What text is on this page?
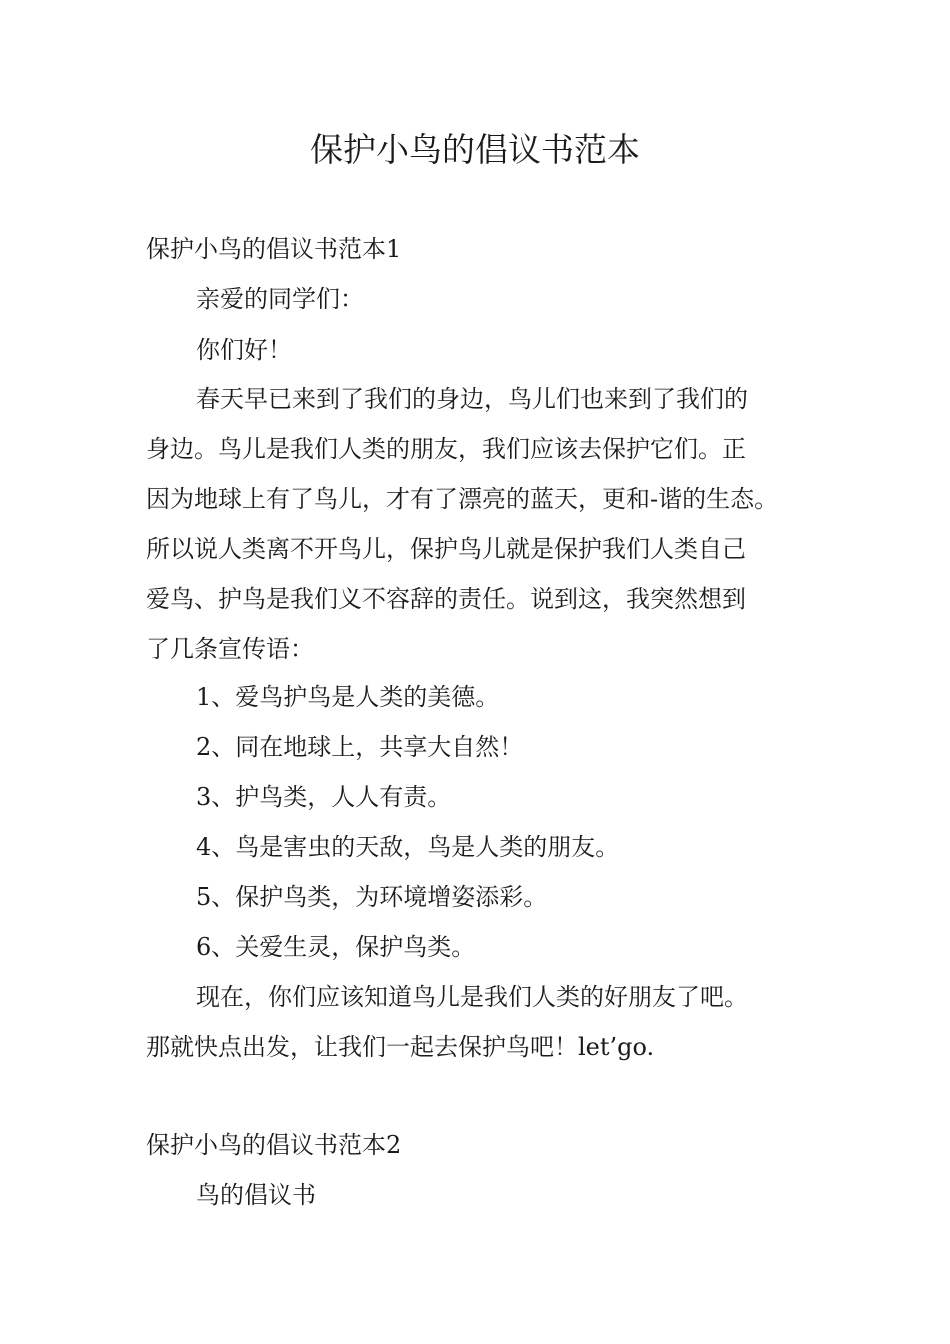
保护小鸟的倡议书范本
保护小鸟的倡议书范本1
亲爱的同学们：
你们好！
春天早已来到了我们的身边，鸟儿们也来到了我们的
身边。鸟儿是我们人类的朋友，我们应该去保护它们。正
因为地球上有了鸟儿，才有了漂亮的蓝天，更和-谐的生态。
所以说人类离不开鸟儿，保护鸟儿就是保护我们人类自己
爱鸟、护鸟是我们义不容辞的责任。说到这，我突然想到
了几条宣传语：
1、爱鸟护鸟是人类的美德。
2、同在地球上，共享大自然！
3、护鸟类，人人有责。
4、鸟是害虫的天敌，鸟是人类的朋友。
5、保护鸟类，为环境增姿添彩。
6、关爱生灵，保护鸟类。
现在，你们应该知道鸟儿是我们人类的好朋友了吧。
那就快点出发，让我们一起去保护鸟吧！let’go.
保护小鸟的倡议书范本2
鸟的倡议书
